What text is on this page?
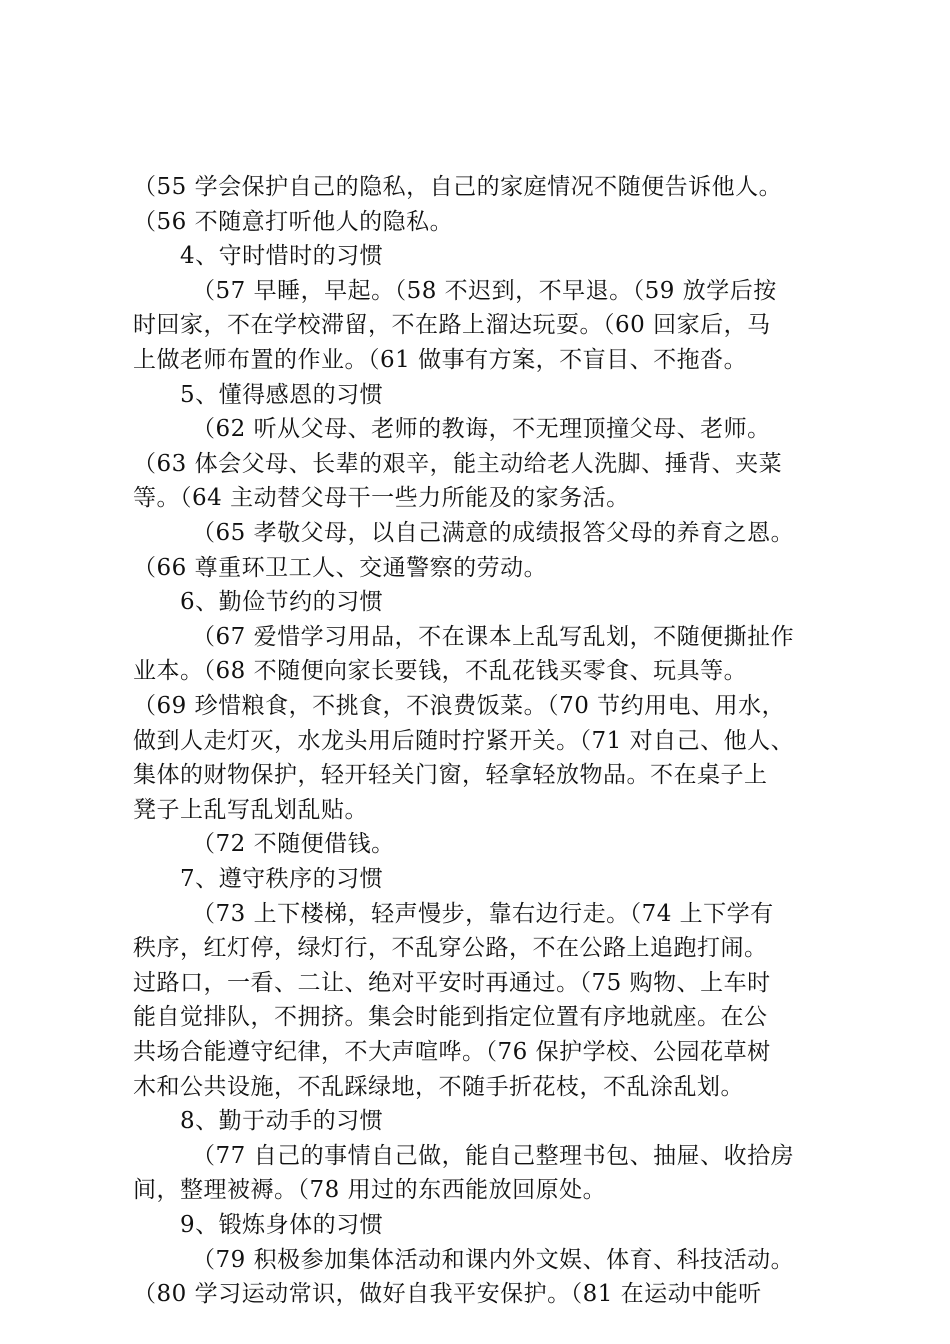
（55 学会保护自己的隐私，自己的家庭情况不随便告诉他人。
（56 不随意打听他人的隐私。
4、守时惜时的习惯
（57 早睡，早起。（58 不迟到，不早退。（59 放学后按
时回家，不在学校滞留，不在路上溜达玩耍。（60 回家后，马
上做老师布置的作业。（61 做事有方案，不盲目、不拖沓。
5、懂得感恩的习惯
（62 听从父母、老师的教诲，不无理顶撞父母、老师。
（63 体会父母、长辈的艰辛，能主动给老人洗脚、捶背、夹菜
等。（64 主动替父母干一些力所能及的家务活。
（65 孝敬父母，以自己满意的成绩报答父母的养育之恩。
（66 尊重环卫工人、交通警察的劳动。
6、勤俭节约的习惯
（67 爱惜学习用品，不在课本上乱写乱划，不随便撕扯作
业本。（68 不随便向家长要钱，不乱花钱买零食、玩具等。
（69 珍惜粮食，不挑食，不浪费饭菜。（70 节约用电、用水，
做到人走灯灭，水龙头用后随时拧紧开关。（71 对自己、他人、
集体的财物保护，轻开轻关门窗，轻拿轻放物品。不在桌子上
凳子上乱写乱划乱贴。
（72 不随便借钱。
7、遵守秩序的习惯
（73 上下楼梯，轻声慢步，靠右边行走。（74 上下学有
秩序，红灯停，绿灯行，不乱穿公路，不在公路上追跑打闹。
过路口，一看、二让、绝对平安时再通过。（75 购物、上车时
能自觉排队，不拥挤。集会时能到指定位置有序地就座。在公
共场合能遵守纪律，不大声喧哗。（76 保护学校、公园花草树
木和公共设施，不乱踩绿地，不随手折花枝，不乱涂乱划。
8、勤于动手的习惯
（77 自己的事情自己做，能自己整理书包、抽屉、收拾房
间，整理被褥。（78 用过的东西能放回原处。
9、锻炼身体的习惯
（79 积极参加集体活动和课内外文娱、体育、科技活动。
（80 学习运动常识，做好自我平安保护。（81 在运动中能听
